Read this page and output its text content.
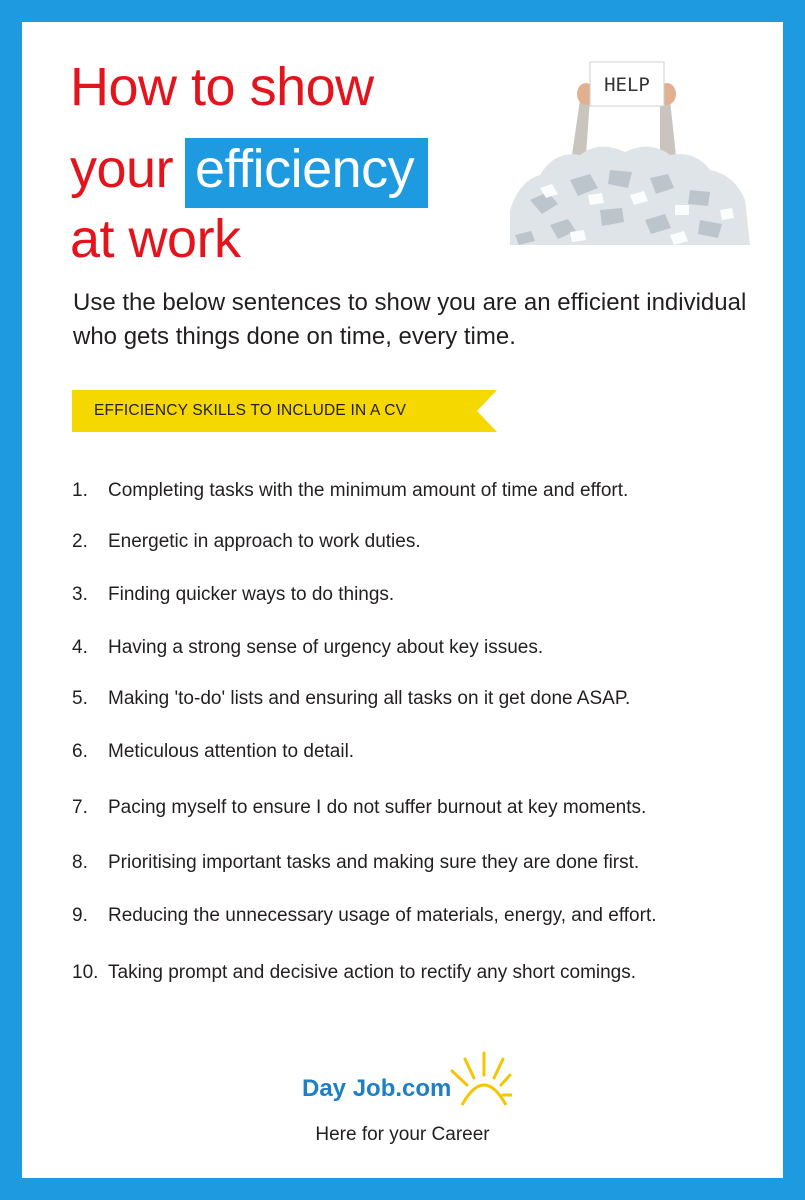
How to show
your efficiency
at work
HELP
Use the below sentences to show you are an efficient individual who gets things done on time, every time.
EFFICIENCY SKILLS TO INCLUDE IN A CV
1. Completing tasks with the minimum amount of time and effort.
2. Energetic in approach to work duties.
3. Finding quicker ways to do things.
4. Having a strong sense of urgency about key issues.
5. Making 'to-do' lists and ensuring all tasks on it get done ASAP.
6. Meticulous attention to detail.
7. Pacing myself to ensure I do not suffer burnout at key moments.
8. Prioritising important tasks and making sure they are done first.
9. Reducing the unnecessary usage of materials, energy, and effort.
10. Taking prompt and decisive action to rectify any short comings.
Day Job.com
Here for your Career
